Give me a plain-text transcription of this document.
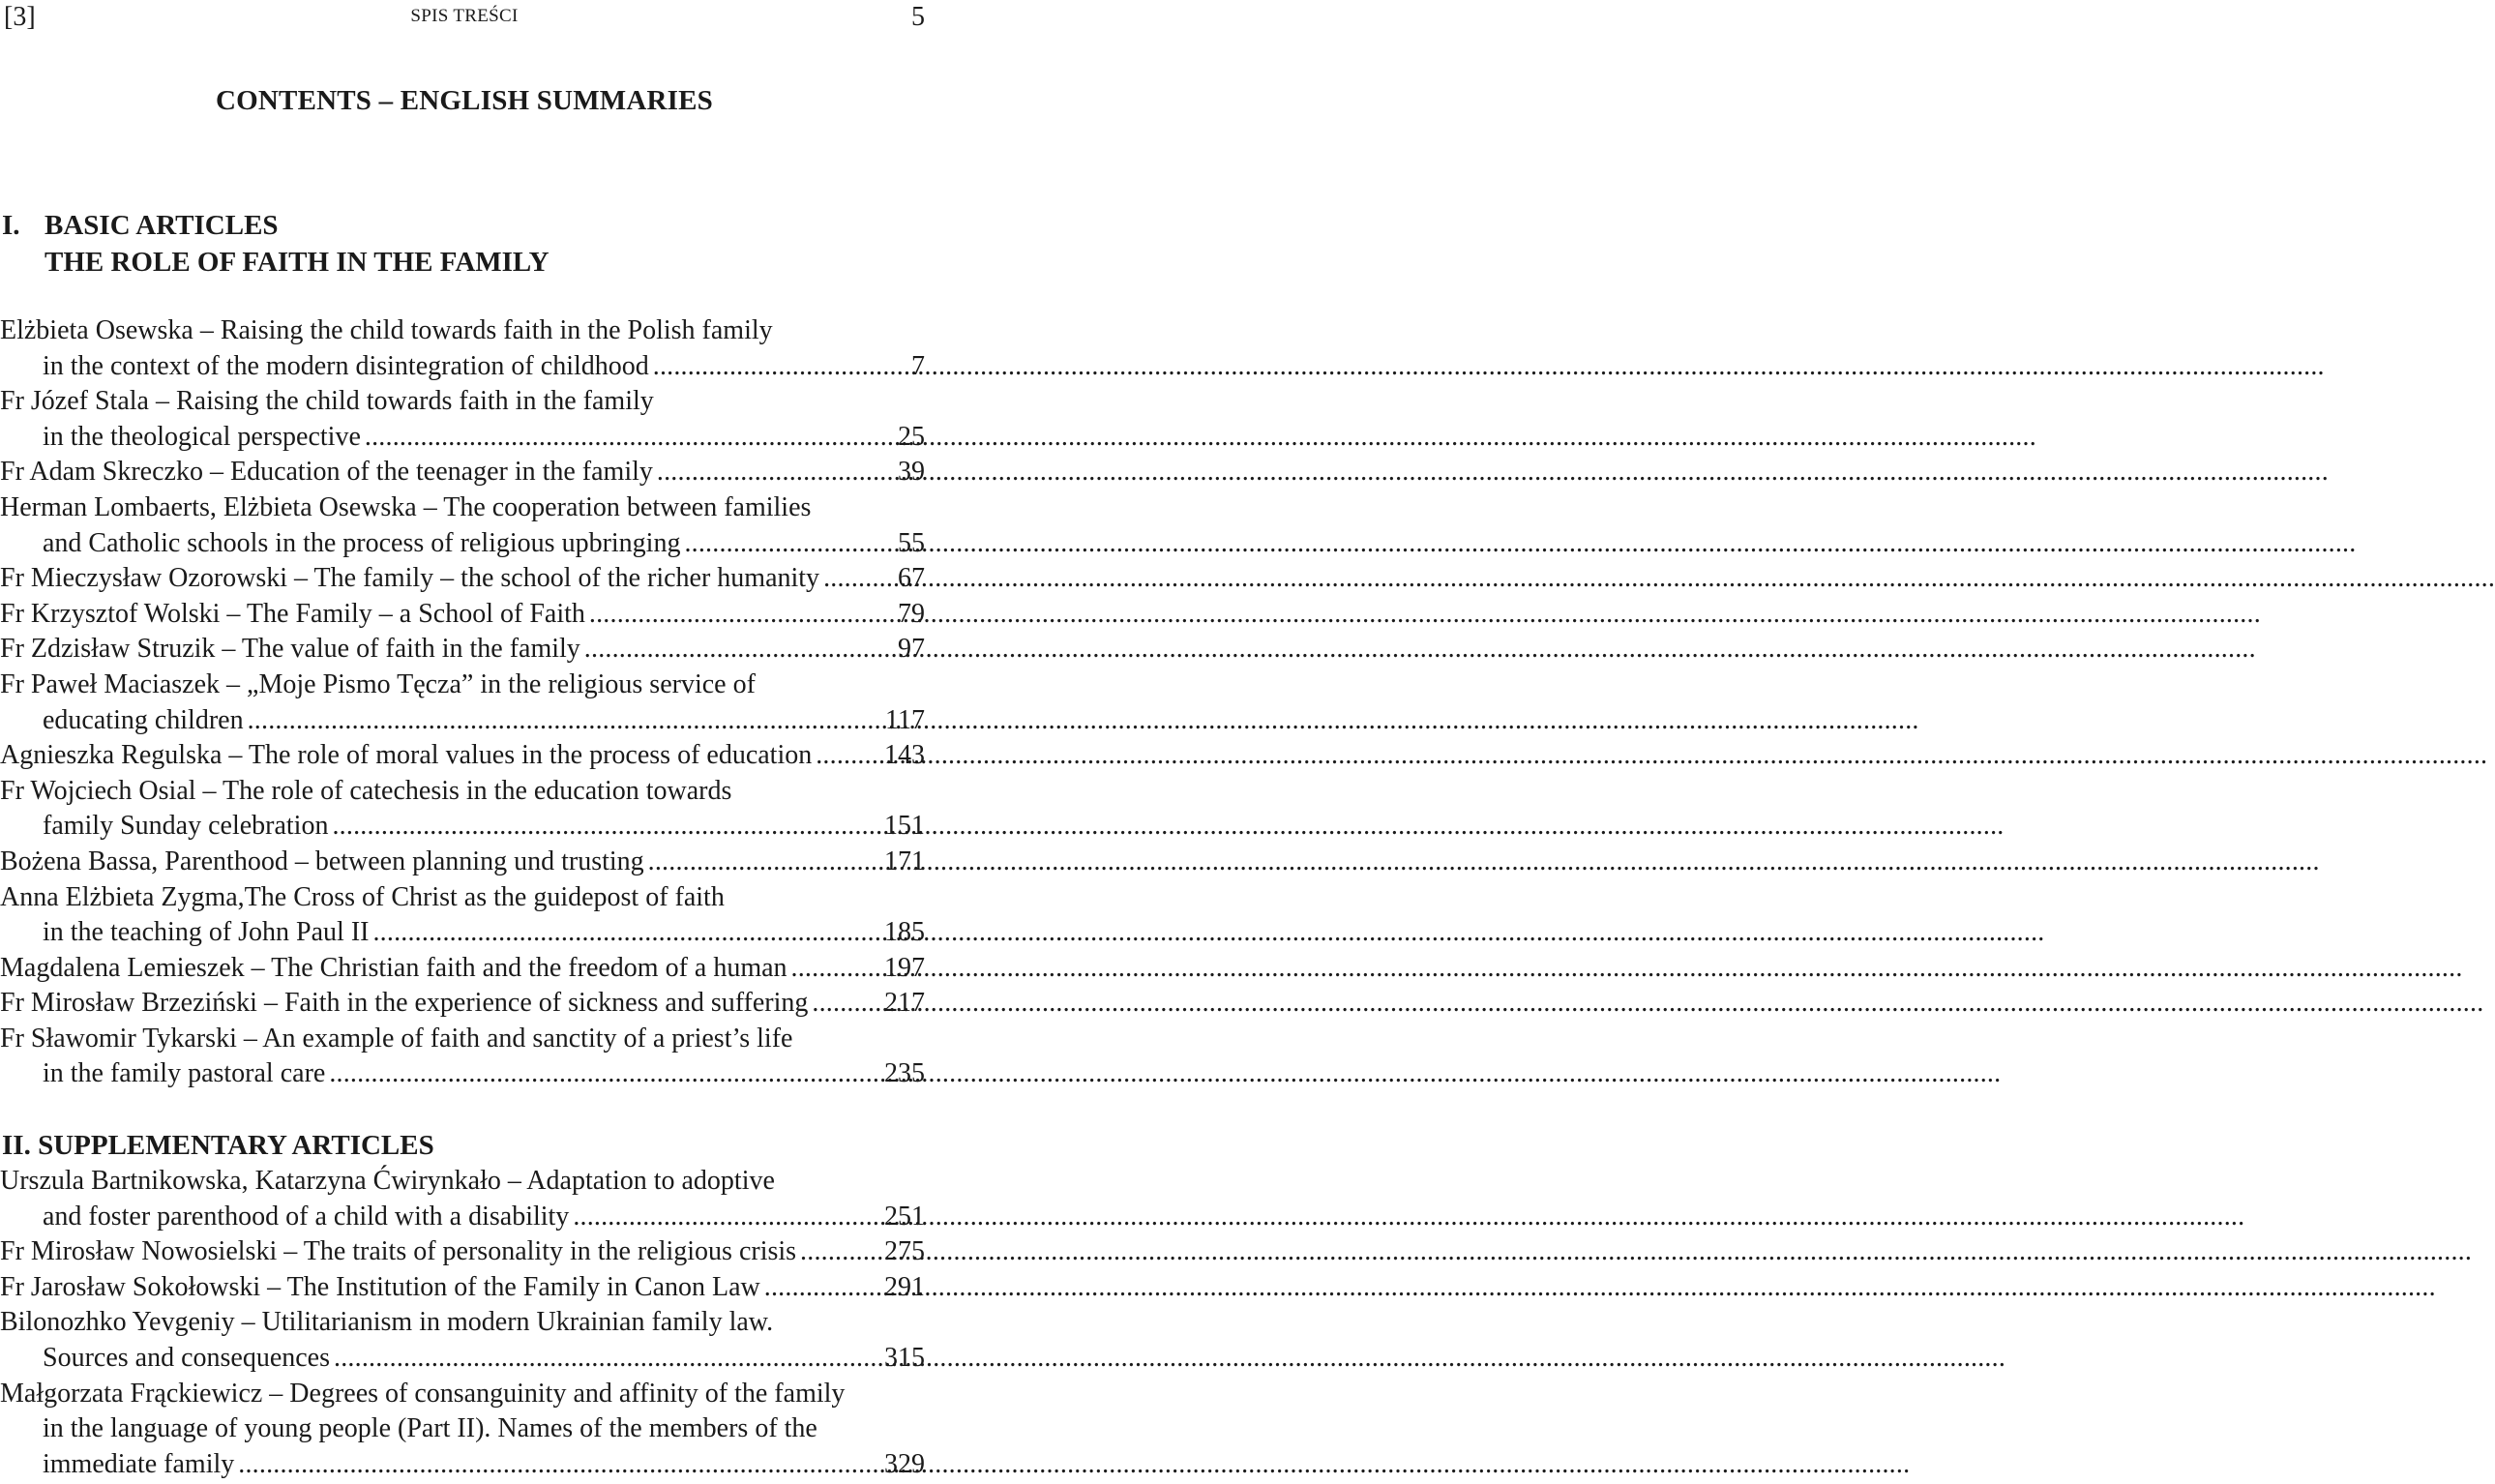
[3]	SPIS TREŚCI	5
CONTENTS – ENGLISH SUMMARIES
I. BASIC ARTICLES
THE ROLE OF FAITH IN THE FAMILY
Elżbieta Osewska – Raising the child towards faith in the Polish family
in the context of the modern disintegration of childhood .....	7
Fr Józef Stala – Raising the child towards faith in the family
in the theological perspective .....	25
Fr Adam Skreczko – Education of the teenager in the family .....	39
Herman Lombaerts, Elżbieta Osewska – The cooperation between families
and Catholic schools in the process of religious upbringing .....	55
Fr Mieczysław Ozorowski – The family – the school of the richer humanity .....	67
Fr Krzysztof Wolski – The Family – a School of Faith .....	79
Fr Zdzisław Struzik – The value of faith in the family .....	97
Fr Paweł Maciaszek – „Moje Pismo Tęcza” in the religious service of
educating children .....	117
Agnieszka Regulska – The role of moral values in the process of education .....	143
Fr Wojciech Osial – The role of catechesis in the education towards
family Sunday celebration .....	151
Bożena Bassa, Parenthood – between planning und trusting .....	171
Anna Elżbieta Zygma,The Cross of Christ as the guidepost of faith
in the teaching of John Paul II .....	185
Magdalena Lemieszek – The Christian faith and the freedom of a human .....	197
Fr Mirosław Brzeziński – Faith in the experience of sickness and suffering .....	217
Fr Sławomir Tykarski – An example of faith and sanctity of a priest’s life
in the family pastoral care .....	235
II. SUPPLEMENTARY ARTICLES
Urszula Bartnikowska, Katarzyna Ćwirynkało – Adaptation to adoptive
and foster parenthood of a child with a disability .....	251
Fr Mirosław Nowosielski – The traits of personality in the religious crisis .....	275
Fr Jarosław Sokołowski – The Institution of the Family in Canon Law .....	291
Bilonozhko Yevgeniy – Utilitarianism in modern Ukrainian family law.
Sources and consequences .....	315
Małgorzata Frąckiewicz – Degrees of consanguinity and affinity of the family
in the language of young people (Part II). Names of the members of the
immediate family .....	329
